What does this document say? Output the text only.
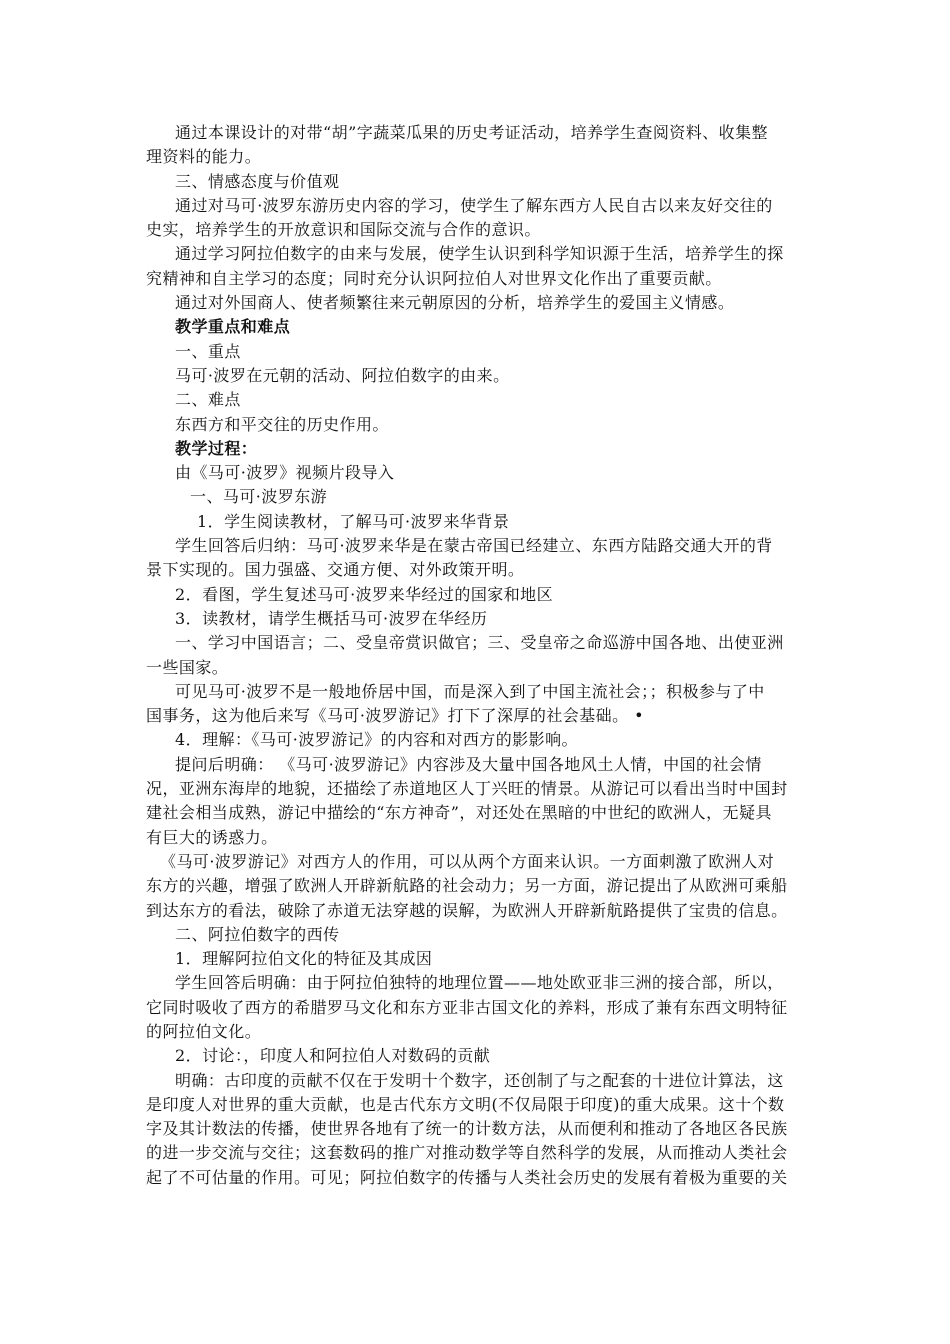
通过本课设计的对带“胡”字蔬菜瓜果的历史考证活动，培养学生查阅资料、收集整

理资料的能力。

三、情感态度与价值观

通过对马可·波罗东游历史内容的学习，使学生了解东西方人民自古以来友好交往的

史实，培养学生的开放意识和国际交流与合作的意识。

通过学习阿拉伯数字的由来与发展，使学生认识到科学知识源于生活，培养学生的探

究精神和自主学习的态度；同时充分认识阿拉伯人对世界文化作出了重要贡献。

通过对外国商人、使者频繁往来元朝原因的分析，培养学生的爱国主义情感。

教学重点和难点

一、重点

马可·波罗在元朝的活动、阿拉伯数字的由来。

二、难点

东西方和平交往的历史作用。

教学过程：

由《马可·波罗》视频片段导入

一、马可·波罗东游

1．学生阅读教材，了解马可·波罗来华背景

学生回答后归纳：马可·波罗来华是在蒙古帝国已经建立、东西方陆路交通大开的背

景下实现的。国力强盛、交通方便、对外政策开明。

2．看图，学生复述马可·波罗来华经过的国家和地区

3．读教材，请学生概括马可·波罗在华经历

一、学习中国语言；二、受皇帝赏识做官；三、受皇帝之命巡游中国各地、出使亚洲

一些国家。

可见马可·波罗不是一般地侨居中国，而是深入到了中国主流社会；；积极参与了中

国事务，这为他后来写《马可·波罗游记》打下了深厚的社会基础。 •

4．理解：《马可·波罗游记》的内容和对西方的影影响。

提问后明确： 《马可·波罗游记》内容涉及大量中国各地风土人情，中国的社会情

况，亚洲东海岸的地貌，还描绘了赤道地区人丁兴旺的情景。从游记可以看出当时中国封

建社会相当成熟，游记中描绘的“东方神奇”，对还处在黑暗的中世纪的欧洲人，无疑具

有巨大的诱惑力。

《马可·波罗游记》对西方人的作用，可以从两个方面来认识。一方面刺激了欧洲人对

东方的兴趣，增强了欧洲人开辟新航路的社会动力；另一方面，游记提出了从欧洲可乘船

到达东方的看法，破除了赤道无法穿越的误解，为欧洲人开辟新航路提供了宝贵的信息。

二、阿拉伯数字的西传

1．理解阿拉伯文化的特征及其成因

学生回答后明确：由于阿拉伯独特的地理位置——地处欧亚非三洲的接合部，所以，

它同时吸收了西方的希腊罗马文化和东方亚非古国文化的养料，形成了兼有东西文明特征

的阿拉伯文化。

2．讨论：，印度人和阿拉伯人对数码的贡献

明确：古印度的贡献不仅在于发明十个数字，还创制了与之配套的十进位计算法，这

是印度人对世界的重大贡献，也是古代东方文明(不仅局限于印度)的重大成果。这十个数

字及其计数法的传播，使世界各地有了统一的计数方法，从而便利和推动了各地区各民族

的进一步交流与交往；这套数码的推广对推动数学等自然科学的发展，从而推动人类社会

起了不可估量的作用。可见；阿拉伯数字的传播与人类社会历史的发展有着极为重要的关
